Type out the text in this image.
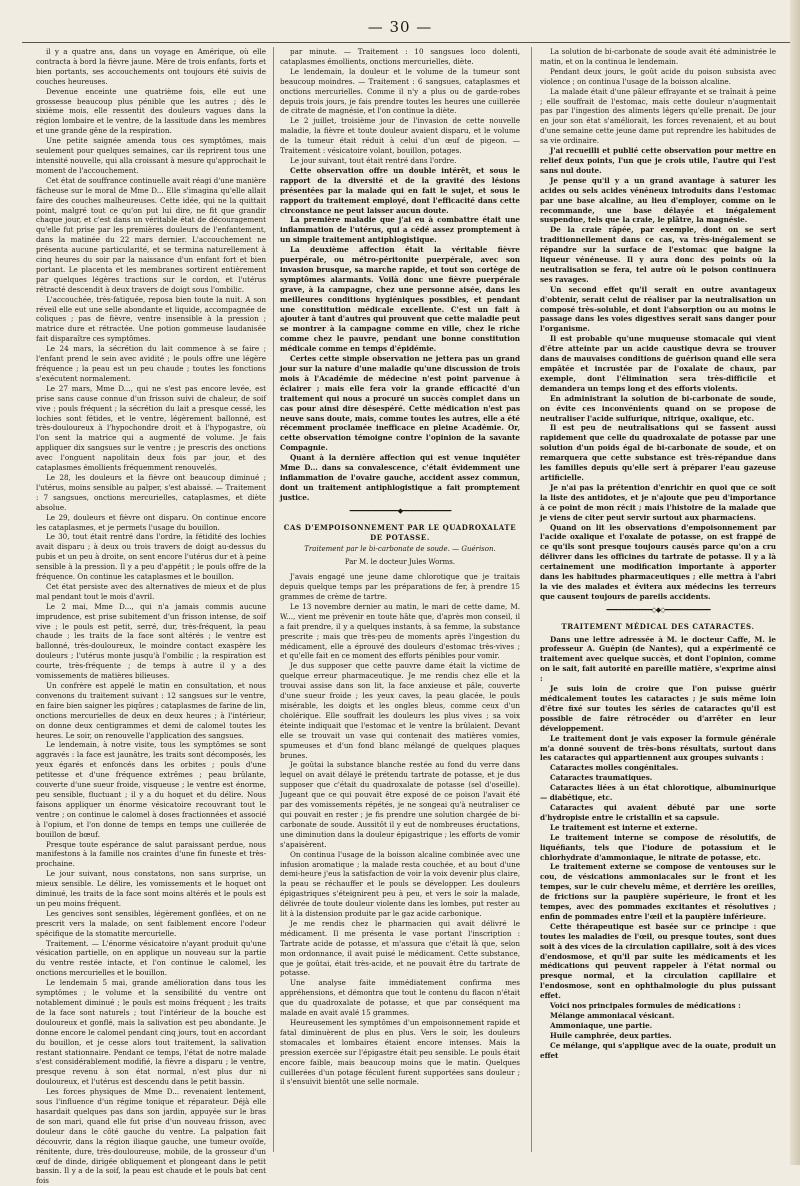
— 30 —

il y a quatre ans, dans un voyage en Amérique, où elle contracta à bord la fièvre jaune. Mère de trois enfants, forts et bien portants, ses accouchements ont toujours été suivis de couches heureuses.

Devenue enceinte une quatrième fois, elle eut une grossesse beaucoup plus pénible que les autres ; dès le sixième mois, elle ressentit des douleurs vagues dans la région lombaire et le ventre, de la lassitude dans les membres et une grande gêne de la respiration.

Une petite saignée amenda tous ces symptômes, mais seulement pour quelques semaines, car ils reprirent tous une intensité nouvelle, qui alla croissant à mesure qu'approchait le moment de l'accouchement.

Cet état de souffrance continuelle avait réagi d'une manière fâcheuse sur le moral de Mme D... Elle s'imagina qu'elle allait faire des couches malheureuses. Cette idée, qui ne la quittait point, malgré tout ce qu'on put lui dire, ne fit que grandir chaque jour, et c'est dans un véritable état de découragement qu'elle fut prise par les premières douleurs de l'enfantement, dans la matinée du 22 mars dernier. L'accouchement ne présenta aucune particularité, et se termina naturellement à cinq heures du soir par la naissance d'un enfant fort et bien portant. Le placenta et les membranes sortirent entièrement par quelques légères tractions sur le cordon, et l'utérus rétracté descendit à deux travers de doigt sous l'ombilic.

L'accouchée, très-fatiguée, reposa bien toute la nuit. A son réveil elle eut une selle abondante et liquide, accompagnée de coliques ; pas de fièvre, ventre insensible à la pression ; matrice dure et rétractée. Une potion gommeuse laudanisée fait disparaître ces symptômes.

Le 24 mars, la sécrétion du lait commence à se faire ; l'enfant prend le sein avec avidité ; le pouls offre une légère fréquence ; la peau est un peu chaude ; toutes les fonctions s'exécutent normalement.

Le 27 mars, Mme D..., qui ne s'est pas encore levée, est prise sans cause connue d'un frisson suivi de chaleur, de soif vive ; pouls fréquent ; la sécrétion du lait a presque cessé, les lochies sont fétides, et le ventre, légèrement ballonné, est très-douloureux à l'hypochondre droit et à l'hypogastre, où l'on sent la matrice qui a augmenté de volume. Je fais appliquer dix sangsues sur le ventre ; je prescris des onctions avec l'onguent napolitain deux fois par jour, et des cataplasmes émollients fréquemment renouvelés.

Le 28, les douleurs et la fièvre ont beaucoup diminué ; l'utérus, moins sensible au palper, s'est abaissé. — Traitement : 7 sangsues, onctions mercurielles, cataplasmes, et diète absolue.

Le 29, douleurs et fièvre ont disparu. On continue encore les cataplasmes, et je permets l'usage du bouillon.

Le 30, tout était rentré dans l'ordre, la fétidité des lochies avait disparu ; à deux ou trois travers de doigt au-dessus du pubis et un peu à droite, on sent encore l'utérus dur et à peine sensible à la pression. Il y a peu d'appétit ; le pouls offre de la fréquence. On continue les cataplasmes et le bouillon.

Cet état persiste avec des alternatives de mieux et de plus mal pendant tout le mois d'avril.

Le 2 mai, Mme D..., qui n'a jamais commis aucune imprudence, est prise subitement d'un frisson intense, de soif vive ; le pouls est petit, serré, dur, très-fréquent, la peau chaude ; les traits de la face sont altérés ; le ventre est ballonné, très-douloureux, le moindre contact exaspère les douleurs ; l'utérus monte jusqu'à l'ombilic ; la respiration est courte, très-fréquente ; de temps à autre il y a des vomissements de matières bilieuses.

Un confrère est appelé le matin en consultation, et nous convenons du traitement suivant : 12 sangsues sur le ventre, en faire bien saigner les piqûres ; cataplasmes de farine de lin, onctions mercurielles de deux en deux heures ; à l'intérieur, on donne deux centigrammes et demi de calomel toutes les heures. Le soir, on renouvelle l'application des sangsues.

Le lendemain, à notre visite, tous les symptômes se sont aggravés : la face est jaunâtre, les traits sont décomposés, les yeux égarés et enfoncés dans les orbites ; pouls d'une petitesse et d'une fréquence extrêmes ; peau brûlante, couverte d'une sueur froide, visqueuse ; le ventre est énorme, peu sensible, fluctuant ; il y a du hoquet et du délire. Nous faisons appliquer un énorme vésicatoire recouvrant tout le ventre ; on continue le calomel à doses fractionnées et associé à l'opium, et l'on donne de temps en temps une cuillerée de bouillon de bœuf.

Presque toute espérance de salut paraissant perdue, nous manifestons à la famille nos craintes d'une fin funeste et très-prochaine.

Le jour suivant, nous constatons, non sans surprise, un mieux sensible. Le délire, les vomissements et le hoquet ont diminué, les traits de la face sont moins altérés et le pouls est un peu moins fréquent.

Les gencives sont sensibles, légèrement gonflées, et on ne prescrit vers la malade, on sent faiblement encore l'odeur spécifique de la stomatite mercurielle.

Traitement. — L'énorme vésicatoire n'ayant produit qu'une vésication partielle, on en applique un nouveau sur la partie du ventre restée intacte, et l'on continue le calomel, les onctions mercurielles et le bouillon.

Le lendemain 5 mai, grande amélioration dans tous les symptômes ; le volume et la sensibilité du ventre ont notablement diminué ; le pouls est moins fréquent ; les traits de la face sont naturels ; tout l'intérieur de la bouche est douloureux et gonflé, mais la salivation est peu abondante. Je donne encore le calomel pendant cinq jours, tout en accordant du bouillon, et je cesse alors tout traitement, la salivation restant stationnaire. Pendant ce temps, l'état de notre malade s'est considérablement modifié, la fièvre a disparu ; le ventre, presque revenu à son état normal, n'est plus dur ni douloureux, et l'utérus est descendu dans le petit bassin.

Les forces physiques de Mme D... revenaient lentement, sous l'influence d'un régime tonique et réparateur. Déjà elle hasardait quelques pas dans son jardin, appuyée sur le bras de son mari, quand elle fut prise d'un nouveau frisson, avec douleur dans le côté gauche du ventre. La palpation fait découvrir, dans la région iliaque gauche, une tumeur ovoïde, rénitente, dure, très-douloureuse, mobile, de la grosseur d'un œuf de dinde, dirigée obliquement et plongeant dans le petit bassin. Il y a de la soif, la peau est chaude et le pouls bat cent fois

par minute. — Traitement : 10 sangsues loco dolenti, cataplasmes émollients, onctions mercurielles, diète.

Le lendemain, la douleur et le volume de la tumeur sont beaucoup moindres. — Traitement : 6 sangsues, cataplasmes et onctions mercurielles. Comme il n'y a plus ou de garde-robes depuis trois jours, je fais prendre toutes les heures une cuillerée de citrate de magnésie, et l'on continue la diète.

Le 2 juillet, troisième jour de l'invasion de cette nouvelle maladie, la fièvre et toute douleur avaient disparu, et le volume de la tumeur était réduit à celui d'un œuf de pigeon. — Traitement : vésicatoire volant, bouillon, potages.

Le jour suivant, tout était rentré dans l'ordre.

Cette observation offre un double intérêt, et sous le rapport de la diversité et de la gravité des lésions présentées par la malade qui en fait le sujet, et sous le rapport du traitement employé, dont l'efficacité dans cette circonstance ne peut laisser aucun doute.

La première maladie que j'ai eu à combattre était une inflammation de l'utérus, qui a cédé assez promptement à un simple traitement antiphlogistique.

La deuxième affection était la véritable fièvre puerpérale, ou métro-péritonite puerpérale, avec son invasion brusque, sa marche rapide, et tout son cortège de symptômes alarmants. Voilà donc une fièvre puerpérale grave, à la campagne, chez une personne aisée, dans les meilleures conditions hygiéniques possibles, et pendant une constitution médicale excellente. C'est un fait à ajouter à tant d'autres qui prouvent que cette maladie peut se montrer à la campagne comme en ville, chez le riche comme chez le pauvre, pendant une bonne constitution médicale comme en temps d'épidémie.

Certes cette simple observation ne jettera pas un grand jour sur la nature d'une maladie qu'une discussion de trois mois à l'Académie de médecine n'est point parvenue à éclairer ; mais elle fera voir la grande efficacité d'un traitement qui nous a procuré un succès complet dans un cas pour ainsi dire désespéré. Cette médication n'est pas neuve sans doute, mais, comme toutes les autres, elle a été récemment proclamée inefficace en pleine Académie. Or, cette observation témoigne contre l'opinion de la savante Compagnie.

Quant à la dernière affection qui est venue inquiéter Mme D... dans sa convalescence, c'était évidemment une inflammation de l'ovaire gauche, accident assez commun, dont un traitement antiphlogistique a fait promptement justice.

━━━━━━━━━━━━━━━◆━━━━━━━━━━━━━━━
CAS D'EMPOISONNEMENT PAR LE QUADROXALATE DE POTASSE.
Traitement par le bi-carbonate de soude. — Guérison.
Par M. le docteur Jules Worms.

J'avais engagé une jeune dame chlorotique que je traitais depuis quelque temps par les préparations de fer, à prendre 15 grammes de crème de tartre.

Le 13 novembre dernier au matin, le mari de cette dame, M. W..., vient me prévenir en toute hâte que, d'après mon conseil, il a fait prendre, il y a quelques instants, à sa femme, la substance prescrite ; mais que très-peu de moments après l'ingestion du médicament, elle a éprouvé des douleurs d'estomac très-vives ; et qu'elle fait en ce moment des efforts pénibles pour vomir.

Je dus supposer que cette pauvre dame était la victime de quelque erreur pharmaceutique. Je me rendis chez elle et la trouvai assise dans son lit, la face anxieuse et pâle, couverte d'une sueur froide ; les yeux caves, la peau glacée, le pouls misérable, les doigts et les ongles bleus, comme ceux d'un cholérique. Elle souffrait les douleurs les plus vives ; sa voix éteinte indiquait que l'estomac et le ventre la brûlaient. Devant elle se trouvait un vase qui contenait des matières vomies, spumeuses et d'un fond blanc mélangé de quelques plaques brunes.

Je goûtai la substance blanche restée au fond du verre dans lequel on avait délayé le prétendu tartrate de potasse, et je dus supposer que c'était du quadroxalate de potasse (sel d'oseille). Jugeant que ce qui pouvait être exposé de ce poison l'avait été par des vomissements répétés, je ne songeai qu'à neutraliser ce qui pouvait en rester ; je fis prendre une solution chargée de bi-carbonate de soude. Aussitôt il y eut de nombreuses éructations, une diminution dans la douleur épigastrique ; les efforts de vomir s'apaisèrent.

On continua l'usage de la boisson alcaline combinée avec une infusion aromatique ; la malade resta couchée, et au bout d'une demi-heure j'eus la satisfaction de voir la voix devenir plus claire, la peau se réchauffer et le pouls se développer. Les douleurs épigastriques s'éteignirent peu à peu, et vers le soir la malade, délivrée de toute douleur violente dans les lombes, put rester au lit à la distension produite par le gaz acide carbonique.

Je me rendis chez le pharmacien qui avait délivré le médicament. Il me présenta le vase portant l'inscription : Tartrate acide de potasse, et m'assura que c'était là que, selon mon ordonnance, il avait puisé le médicament. Cette substance, que je goûtai, était très-acide, et ne pouvait être du tartrate de potasse.

Une analyse faite immédiatement confirma mes appréhensions, et démontra que tout le contenu du flacon n'était que du quadroxalate de potasse, et que par conséquent ma malade en avait avalé 15 grammes.

Heureusement les symptômes d'un empoisonnement rapide et fatal diminuèrent de plus en plus. Vers le soir, les douleurs stomacales et lombaires étaient encore intenses. Mais la pression exercée sur l'épigastre était peu sensible. Le pouls était encore faible, mais beaucoup moins que le matin. Quelques cuillerées d'un potage féculent furent supportées sans douleur ; il s'ensuivit bientôt une selle normale.

La solution de bi-carbonate de soude avait été administrée le matin, et on la continua le lendemain.

Pendant deux jours, le goût acide du poison subsista avec violence ; on continua l'usage de la boisson alcaline.

La malade était d'une pâleur effrayante et se traînait à peine ; elle souffrait de l'estomac, mais cette douleur n'augmentait pas par l'ingestion des aliments légers qu'elle prenait. De jour en jour son état s'améliorait, les forces revenaient, et au bout d'une semaine cette jeune dame put reprendre les habitudes de sa vie ordinaire.

J'ai recueilli et publié cette observation pour mettre en relief deux points, l'un que je crois utile, l'autre qui l'est sans nul doute.

Je pense qu'il y a un grand avantage à saturer les acides ou sels acides vénéneux introduits dans l'estomac par une base alcaline, au lieu d'employer, comme on le recommande, une base délayée et inégalement suspendue, tels que la craie, le plâtre, la magnésie.

De la craie râpée, par exemple, dont on se sert traditionnellement dans ce cas, va très-inégalement se répandre sur la surface de l'estomac que baigne la liqueur vénéneuse. Il y aura donc des points où la neutralisation se fera, tel autre où le poison continuera ses ravages.

Un second effet qu'il serait en outre avantageux d'obtenir, serait celui de réaliser par la neutralisation un composé très-soluble, et dont l'absorption ou au moins le passage dans les voies digestives serait sans danger pour l'organisme.

Il est probable qu'une muqueuse stomacale qui vient d'être atteinte par un acide caustique devra se trouver dans de mauvaises conditions de guérison quand elle sera empâtée et incrustée par de l'oxalate de chaux, par exemple, dont l'élimination sera très-difficile et demandera un temps long et des efforts violents.

En administrant la solution de bi-carbonate de soude, on évite ces inconvénients quand on se propose de neutraliser l'acide sulfurique, nitrique, oxalique, etc.

Il est peu de neutralisations qui se fassent aussi rapidement que celle du quadroxalate de potasse par une solution d'un poids égal de bi-carbonate de soude, et on remarquera que cette substance est très-répandue dans les familles depuis qu'elle sert à préparer l'eau gazeuse artificielle.

Je n'ai pas la prétention d'enrichir en quoi que ce soit la liste des antidotes, et je n'ajoute que peu d'importance à ce point de mon récit ; mais l'histoire de la malade que je viens de citer peut servir surtout aux pharmaciens.

Quand on lit les observations d'empoisonnement par l'acide oxalique et l'oxalate de potasse, on est frappé de ce qu'ils sont presque toujours causés parce qu'on a cru délivrer dans les officines du tartrate de potasse. Il y a là certainement une modification importante à apporter dans les habitudes pharmaceutiques ; elle mettra à l'abri la vie des malades et évitera aux médecins les terreurs que causent toujours de pareils accidents.

━━━━━━━━━━━━━━◇◆◇━━━━━━━━━━━━━━
TRAITEMENT MÉDICAL DES CATARACTES.

Dans une lettre adressée à M. le docteur Caffe, M. le professeur A. Guépin (de Nantes), qui a expérimenté ce traitement avec quelque succès, et dont l'opinion, comme on le sait, fait autorité en pareille matière, s'exprime ainsi :

Je suis loin de croire que l'on puisse guérir médicalement toutes les cataractes ; je suis même loin d'être fixé sur toutes les séries de cataractes qu'il est possible de faire rétrocéder ou d'arrêter en leur développement.

Le traitement dont je vais exposer la formule générale m'a donné souvent de très-bons résultats, surtout dans les cataractes qui appartiennent aux groupes suivants :

Cataractes molles congénitales.

Cataractes traumatiques.

Cataractes liées à un état chlorotique, albuminurique — diabétique, etc.

Cataractes qui avaient débuté par une sorte d'hydropisie entre le cristallin et sa capsule.

Le traitement est interne et externe.

Le traitement interne se compose de résolutifs, de liquéfiants, tels que l'iodure de potassium et le chlorhydrate d'ammoniaque, le nitrate de potasse, etc.

Le traitement externe se compose de ventouses sur le cou, de vésications ammoniacales sur le front et les tempes, sur le cuir chevelu même, et derrière les oreilles, de frictions sur la paupière supérieure, le front et les tempes, avec des pommades excitantes et résolutives ; enfin de pommades entre l'œil et la paupière inférieure.

Cette thérapeutique est basée sur ce principe : que toutes les maladies de l'œil, ou presque toutes, sont dues soit à des vices de la circulation capillaire, soit à des vices d'endosmose, et qu'il par suite les médicaments et les médications qui peuvent rappeler à l'état normal ou presque normal, et la circulation capillaire et l'endosmose, sont en ophthalmologie du plus puissant effet.

Voici nos principales formules de médications :

Mélange ammoniacal vésicant.

Ammoniaque, une partie.

Huile camphrée, deux parties.

Ce mélange, qui s'applique avec de la ouate, produit un effet
